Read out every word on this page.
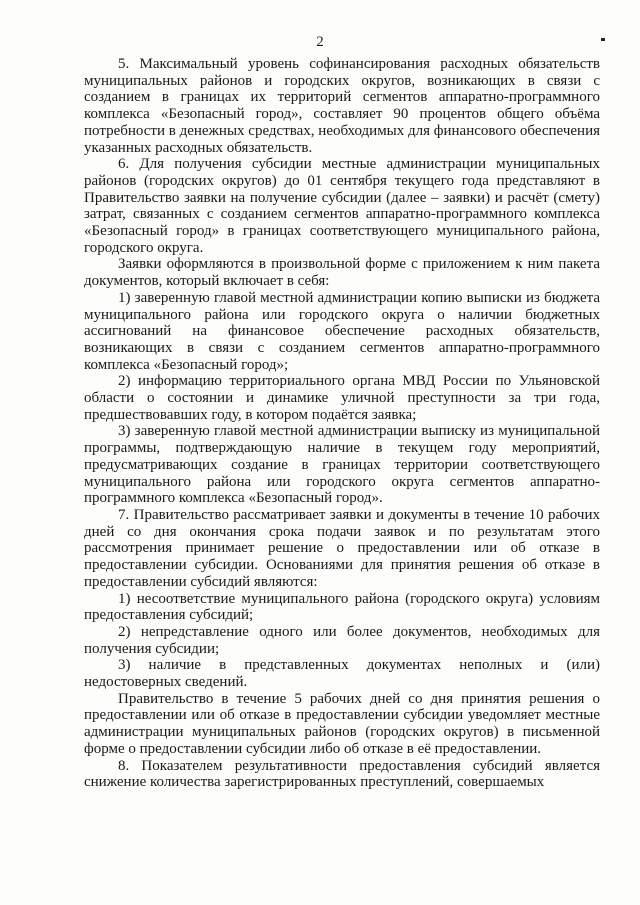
2

5. Максимальный уровень софинансирования расходных обязательств муниципальных районов и городских округов, возникающих в связи с созданием в границах их территорий сегментов аппаратно-программного комплекса «Безопасный город», составляет 90 процентов общего объёма потребности в денежных средствах, необходимых для финансового обеспечения указанных расходных обязательств.

6. Для получения субсидии местные администрации муниципальных районов (городских округов) до 01 сентября текущего года представляют в Правительство заявки на получение субсидии (далее – заявки) и расчёт (смету) затрат, связанных с созданием сегментов аппаратно-программного комплекса «Безопасный город» в границах соответствующего муниципального района, городского округа.

Заявки оформляются в произвольной форме с приложением к ним пакета документов, который включает в себя:

1) заверенную главой местной администрации копию выписки из бюджета муниципального района или городского округа о наличии бюджетных ассигнований на финансовое обеспечение расходных обязательств, возникающих в связи с созданием сегментов аппаратно-программного комплекса «Безопасный город»;

2) информацию территориального органа МВД России по Ульяновской области о состоянии и динамике уличной преступности за три года, предшествовавших году, в котором подаётся заявка;

3) заверенную главой местной администрации выписку из муниципальной программы, подтверждающую наличие в текущем году мероприятий, предусматривающих создание в границах территории соответствующего муниципального района или городского округа сегментов аппаратно-программного комплекса «Безопасный город».

7. Правительство рассматривает заявки и документы в течение 10 рабочих дней со дня окончания срока подачи заявок и по результатам этого рассмотрения принимает решение о предоставлении или об отказе в предоставлении субсидии. Основаниями для принятия решения об отказе в предоставлении субсидий являются:

1) несоответствие муниципального района (городского округа) условиям предоставления субсидий;

2) непредставление одного или более документов, необходимых для получения субсидии;

3) наличие в представленных документах неполных и (или) недостоверных сведений.

Правительство в течение 5 рабочих дней со дня принятия решения о предоставлении или об отказе в предоставлении субсидии уведомляет местные администрации муниципальных районов (городских округов) в письменной форме о предоставлении субсидии либо об отказе в её предоставлении.

8. Показателем результативности предоставления субсидий является снижение количества зарегистрированных преступлений, совершаемых
